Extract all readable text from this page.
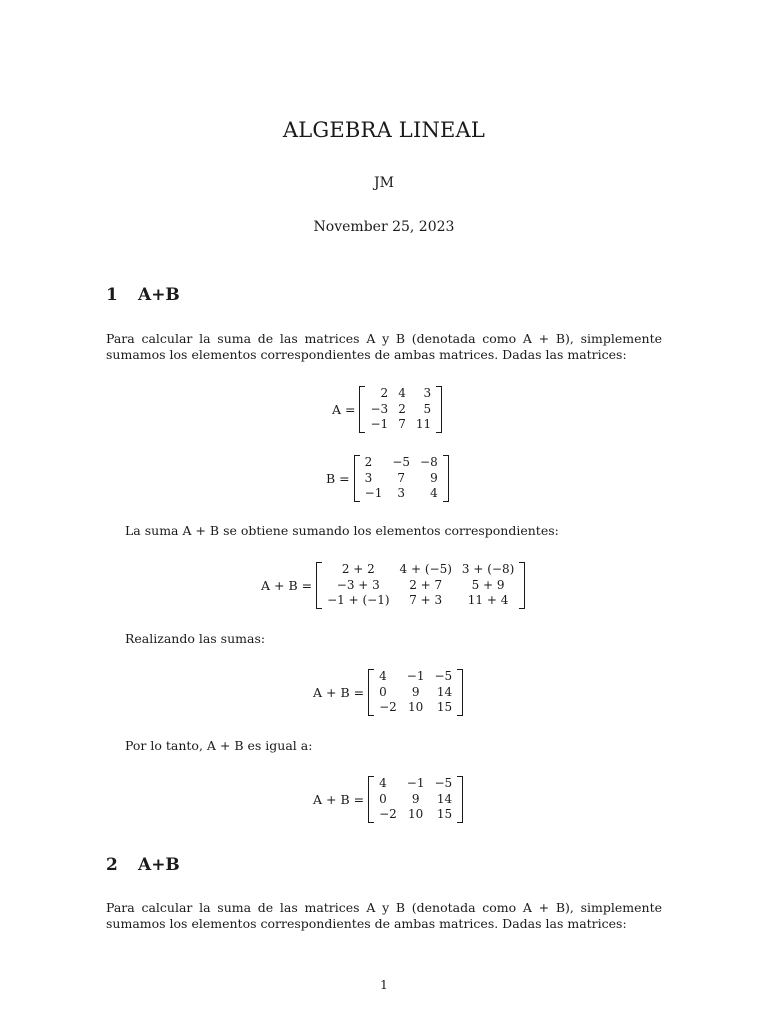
ALGEBRA LINEAL
JM
November 25, 2023
1 A+B
Para calcular la suma de las matrices A y B (denotada como A + B), simplemente sumamos los elementos correspondientes de ambas matrices. Dadas las matrices:
A =
2	4	3
−3	2	5
−1	7	11
B =
2	−5	−8
3	7	9
−1	3	4
La suma A + B se obtiene sumando los elementos correspondientes:
A + B =
2 + 2	4 + (−5)	3 + (−8)
−3 + 3	2 + 7	5 + 9
−1 + (−1)	7 + 3	11 + 4
Realizando las sumas:
A + B =
4	−1	−5
0	9	14
−2	10	15
Por lo tanto, A + B es igual a:
A + B =
4	−1	−5
0	9	14
−2	10	15
2 A+B
Para calcular la suma de las matrices A y B (denotada como A + B), simplemente sumamos los elementos correspondientes de ambas matrices. Dadas las matrices:
1
